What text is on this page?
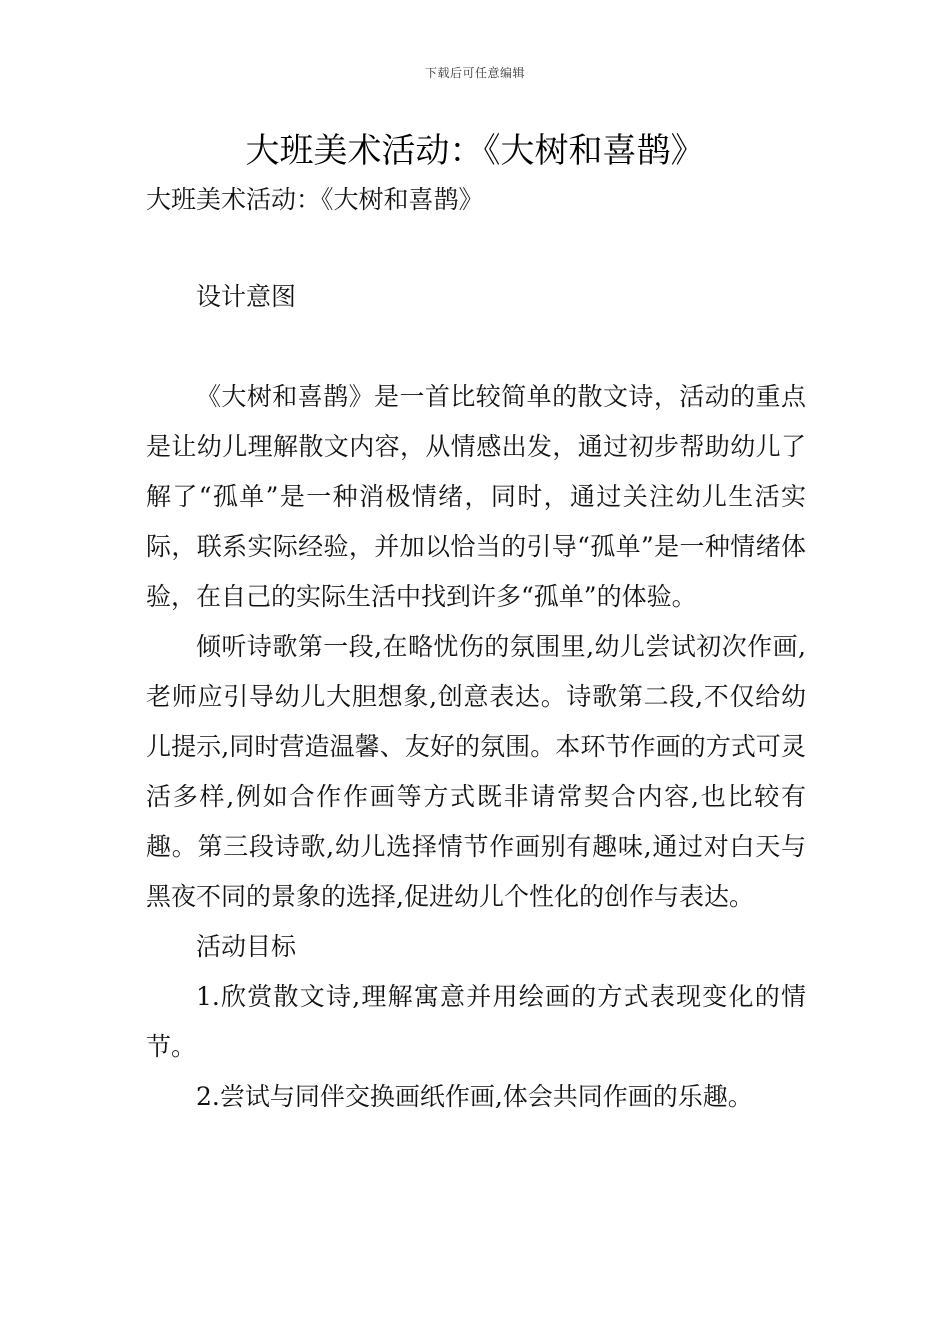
下载后可任意编辑
大班美术活动：《大树和喜鹊》

大班美术活动：《大树和喜鹊》

设计意图

《大树和喜鹊》是一首比较简单的散文诗，活动的重点是让幼儿理解散文内容，从情感出发，通过初步帮助幼儿了解了“孤单”是一种消极情绪，同时，通过关注幼儿生活实际，联系实际经验，并加以恰当的引导“孤单”是一种情绪体验，在自己的实际生活中找到许多“孤单”的体验。

倾听诗歌第一段,在略忧伤的氛围里,幼儿尝试初次作画,老师应引导幼儿大胆想象,创意表达。诗歌第二段,不仅给幼儿提示,同时营造温馨、友好的氛围。本环节作画的方式可灵活多样,例如合作作画等方式既非请常契合内容,也比较有趣。第三段诗歌,幼儿选择情节作画别有趣味,通过对白天与黑夜不同的景象的选择,促进幼儿个性化的创作与表达。

活动目标

1.欣赏散文诗,理解寓意并用绘画的方式表现变化的情节。

2.尝试与同伴交换画纸作画,体会共同作画的乐趣。
